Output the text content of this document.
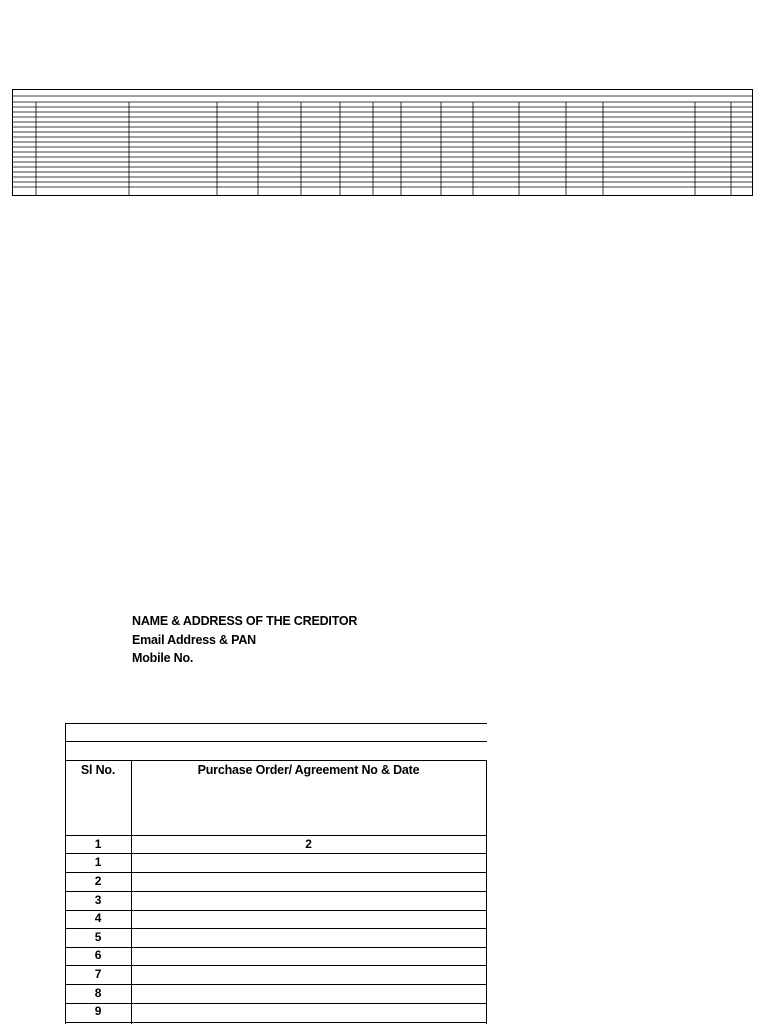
NAME & ADDRESS OF THE CREDITOR
Email Address & PAN
Mobile No.
Sl No.	Purchase Order/ Agreement No & Date
1	2
1
2
3
4
5
6
7
8
9
